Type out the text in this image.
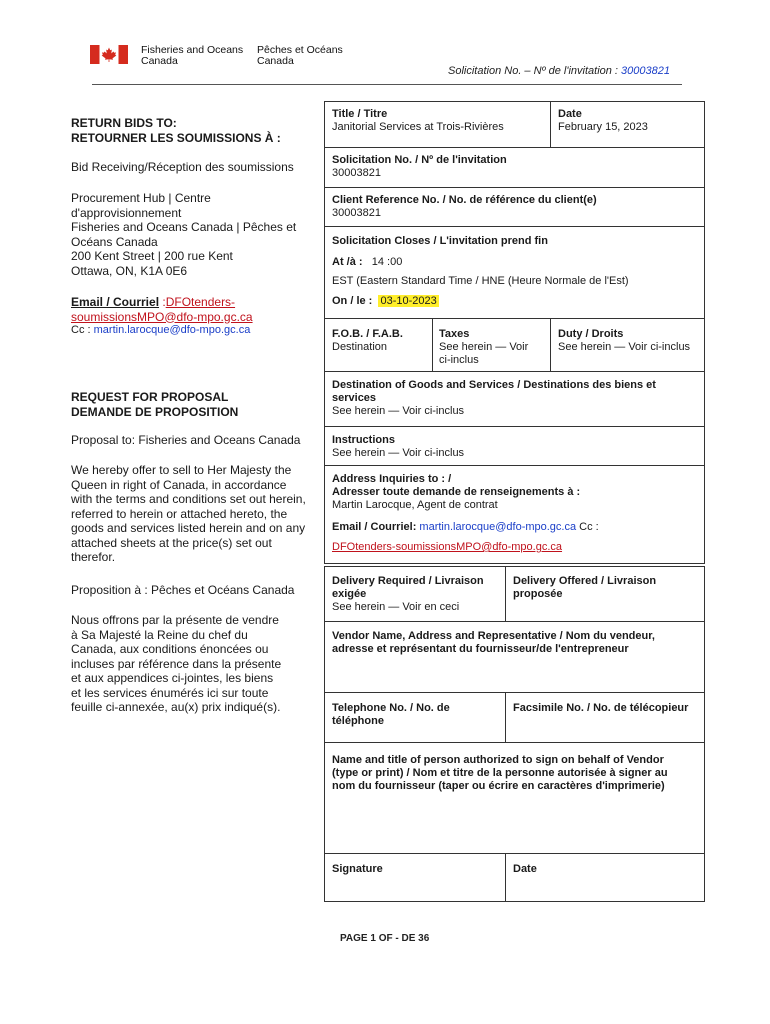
Fisheries and Oceans
Canada
Pêches et Océans
Canada
Solicitation No. – Nº de l'invitation : 30003821
RETURN BIDS TO:
RETOURNER LES SOUMISSIONS À :
Bid Receiving/Réception des soumissions
Procurement Hub | Centre
d'approvisionnement
Fisheries and Oceans Canada | Pêches et
Océans Canada
200 Kent Street | 200 rue Kent
Ottawa, ON, K1A 0E6
Email / Courriel :DFOtenders-
soumissionsMPO@dfo-mpo.gc.ca
Cc : martin.larocque@dfo-mpo.gc.ca
REQUEST FOR PROPOSAL
DEMANDE DE PROPOSITION
Proposal to: Fisheries and Oceans Canada
We hereby offer to sell to Her Majesty the
Queen in right of Canada, in accordance
with the terms and conditions set out herein,
referred to herein or attached hereto, the
goods and services listed herein and on any
attached sheets at the price(s) set out
therefor.
Proposition à : Pêches et Océans Canada
Nous offrons par la présente de vendre
à Sa Majesté la Reine du chef du
Canada, aux conditions énoncées ou
incluses par référence dans la présente
et aux appendices ci-jointes, les biens
et les services énumérés ici sur toute
feuille ci-annexée, au(x) prix indiqué(s).
Title / Titre
Janitorial Services at Trois-Rivières
Date
February 15, 2023
Solicitation No. / Nº de l'invitation
30003821
Client Reference No. / No. de référence du client(e)
30003821
Solicitation Closes / L'invitation prend fin
At /à : 14 :00
EST (Eastern Standard Time / HNE (Heure Normale de l'Est)
On / le : 03-10-2023
F.O.B. / F.A.B.
Destination
Taxes
See herein — Voir
ci-inclus
Duty / Droits
See herein — Voir ci-inclus
Destination of Goods and Services / Destinations des biens et
services
See herein — Voir ci-inclus
Instructions
See herein — Voir ci-inclus
Address Inquiries to : /
Adresser toute demande de renseignements à :
Martin Larocque, Agent de contrat
Email / Courriel: martin.larocque@dfo-mpo.gc.ca Cc :
DFOtenders-soumissionsMPO@dfo-mpo.gc.ca
Delivery Required / Livraison
exigée
See herein — Voir en ceci
Delivery Offered / Livraison
proposée
Vendor Name, Address and Representative / Nom du vendeur,
adresse et représentant du fournisseur/de l'entrepreneur
Telephone No. / No. de
téléphone
Facsimile No. / No. de télécopieur
Name and title of person authorized to sign on behalf of Vendor
(type or print) / Nom et titre de la personne autorisée à signer au
nom du fournisseur (taper ou écrire en caractères d'imprimerie)
Signature	Date
PAGE 1 OF - DE 36
